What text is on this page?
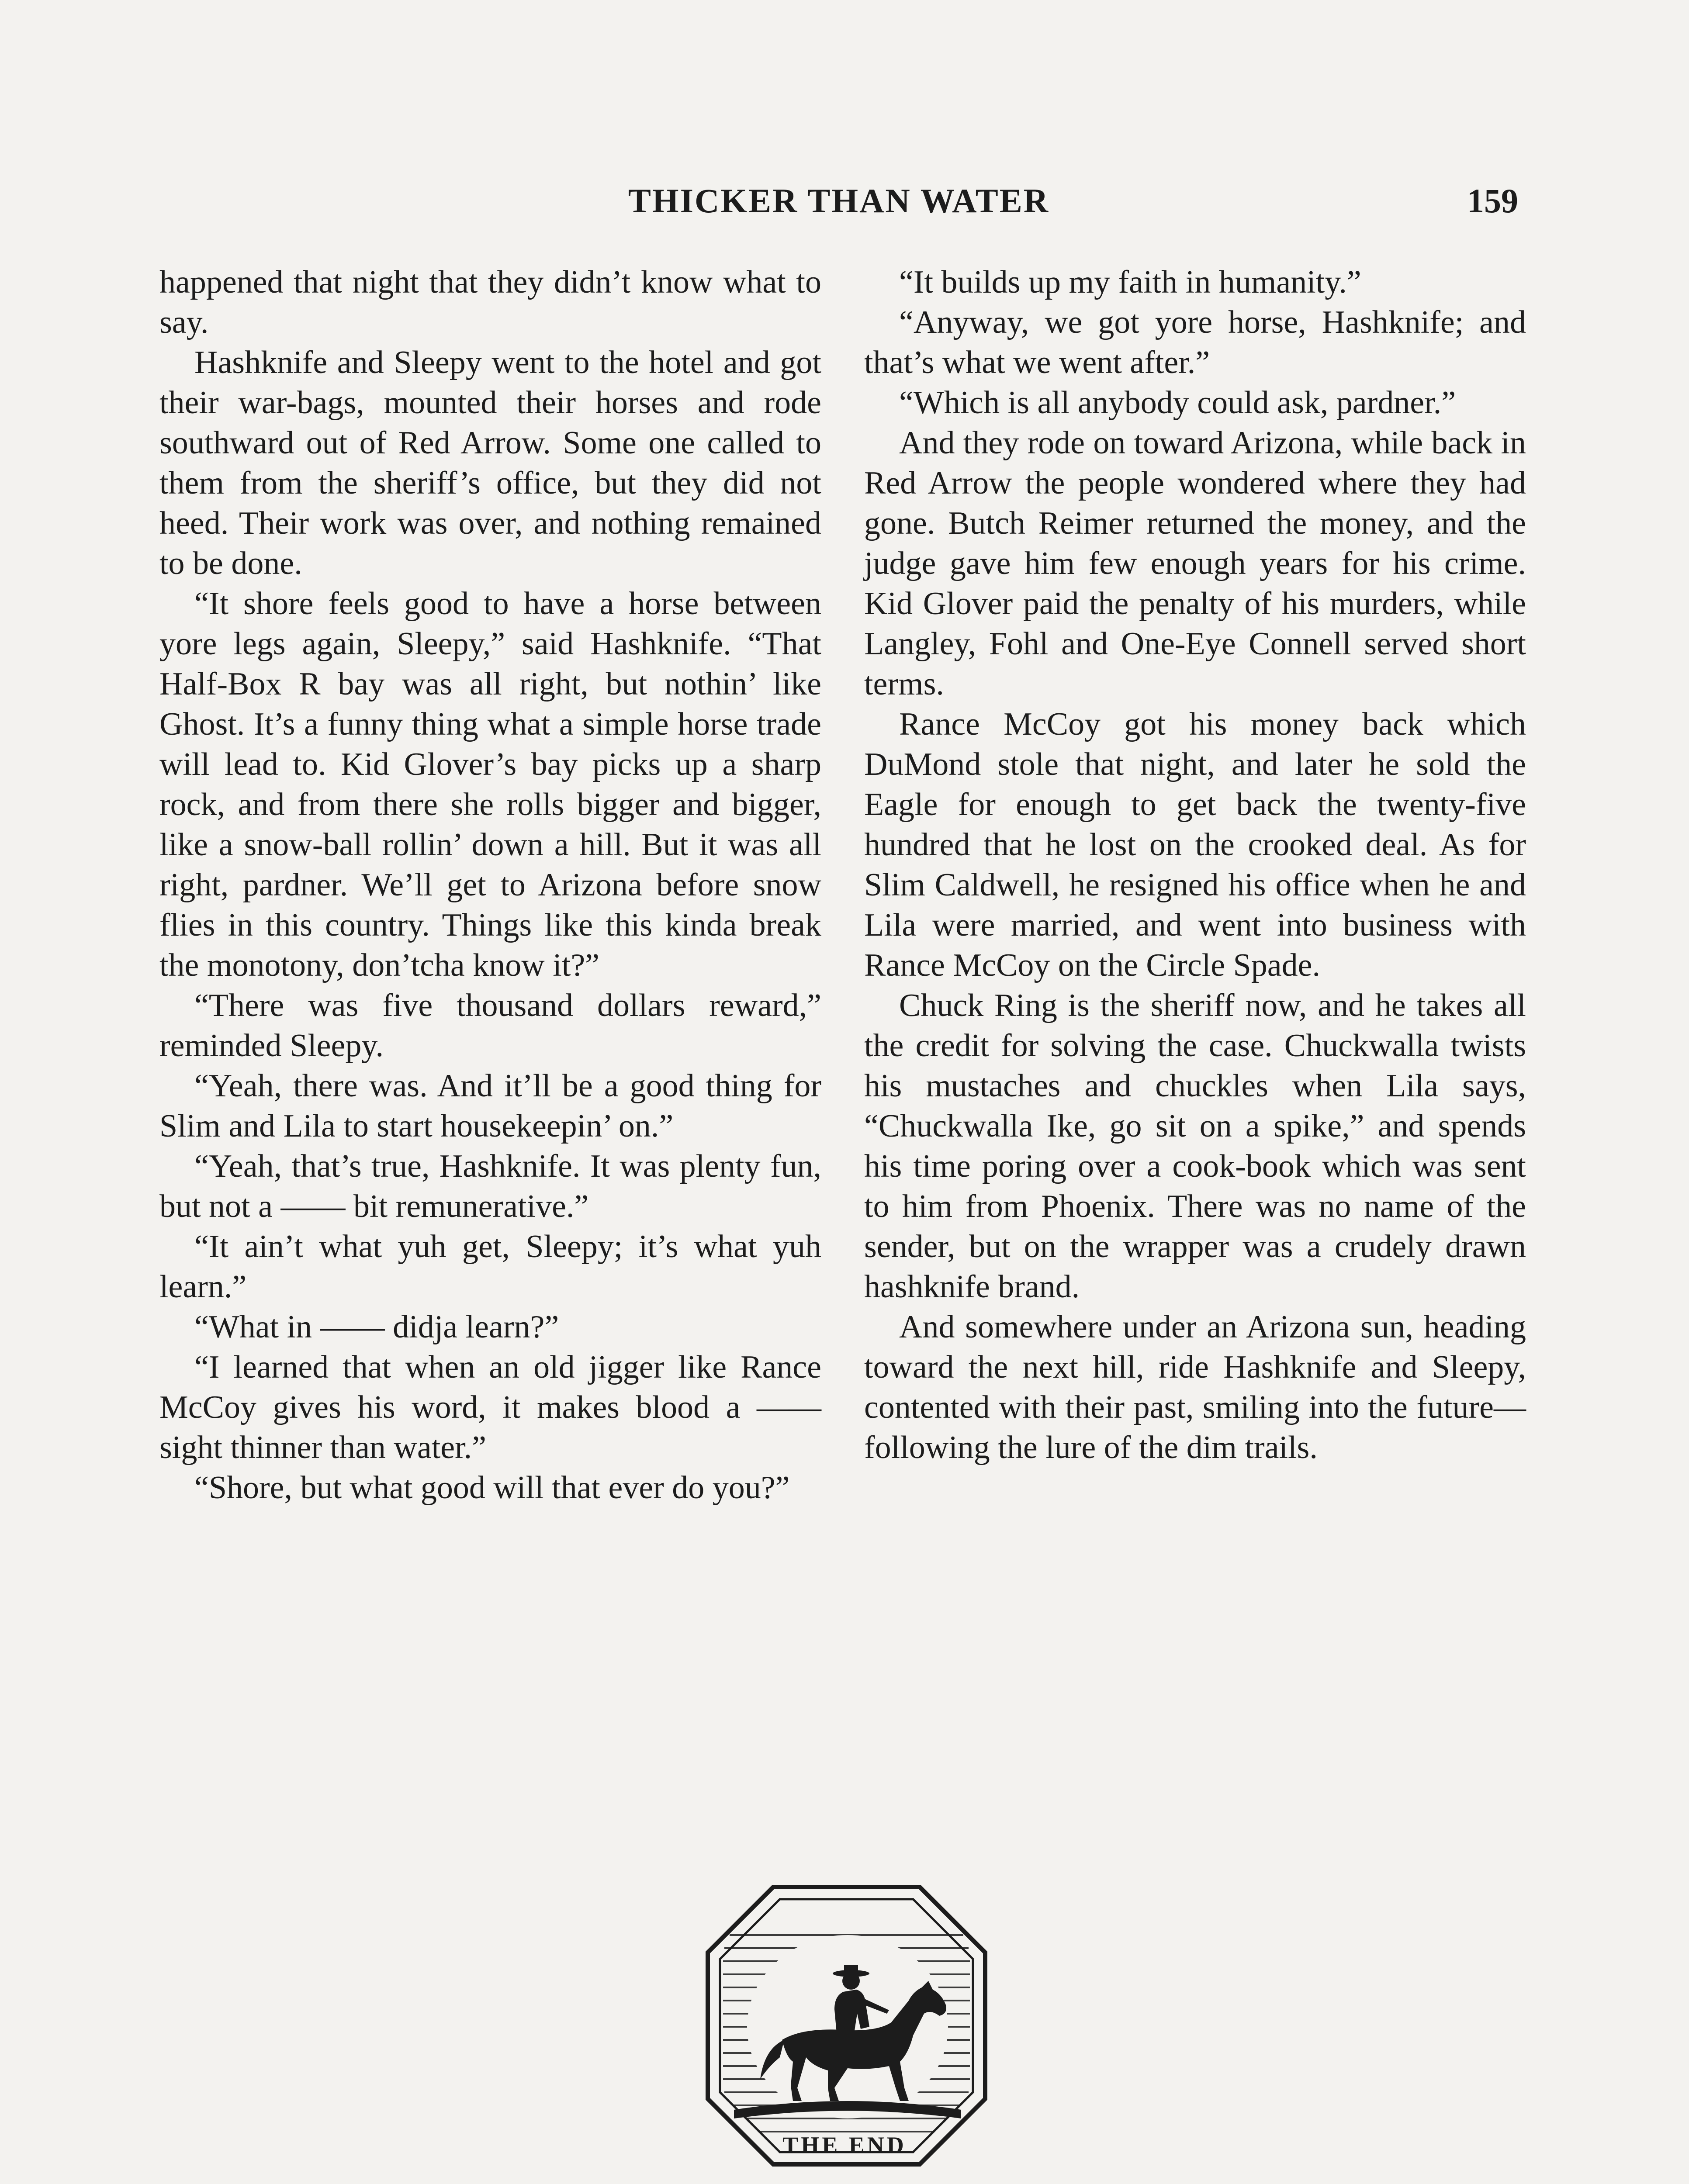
THICKER THAN WATER	159

happened that night that they didn’t know what to say.

Hashknife and Sleepy went to the hotel and got their war-bags, mounted their horses and rode southward out of Red Arrow. Some one called to them from the sheriff’s office, but they did not heed. Their work was over, and nothing remained to be done.

“It shore feels good to have a horse between yore legs again, Sleepy,” said Hashknife. “That Half-Box R bay was all right, but nothin’ like Ghost. It’s a funny thing what a simple horse trade will lead to. Kid Glover’s bay picks up a sharp rock, and from there she rolls bigger and bigger, like a snow-ball rollin’ down a hill. But it was all right, pardner. We’ll get to Arizona before snow flies in this country. Things like this kinda break the monotony, don’tcha know it?”

“There was five thousand dollars reward,” reminded Sleepy.

“Yeah, there was. And it’ll be a good thing for Slim and Lila to start housekeepin’ on.”

“Yeah, that’s true, Hashknife. It was plenty fun, but not a —— bit remunerative.”

“It ain’t what yuh get, Sleepy; it’s what yuh learn.”

“What in —— didja learn?”

“I learned that when an old jigger like Rance McCoy gives his word, it makes blood a —— sight thinner than water.”

“Shore, but what good will that ever do you?”

“It builds up my faith in humanity.”

“Anyway, we got yore horse, Hashknife; and that’s what we went after.”

“Which is all anybody could ask, pardner.”

And they rode on toward Arizona, while back in Red Arrow the people wondered where they had gone. Butch Reimer returned the money, and the judge gave him few enough years for his crime. Kid Glover paid the penalty of his murders, while Langley, Fohl and One-Eye Connell served short terms.

Rance McCoy got his money back which DuMond stole that night, and later he sold the Eagle for enough to get back the twenty-five hundred that he lost on the crooked deal. As for Slim Caldwell, he resigned his office when he and Lila were married, and went into business with Rance McCoy on the Circle Spade.

Chuck Ring is the sheriff now, and he takes all the credit for solving the case. Chuckwalla twists his mustaches and chuckles when Lila says, “Chuckwalla Ike, go sit on a spike,” and spends his time poring over a cook-book which was sent to him from Phoenix. There was no name of the sender, but on the wrapper was a crudely drawn hashknife brand.

And somewhere under an Arizona sun, heading toward the next hill, ride Hashknife and Sleepy, contented with their past, smiling into the future—following the lure of the dim trails.

THE END
